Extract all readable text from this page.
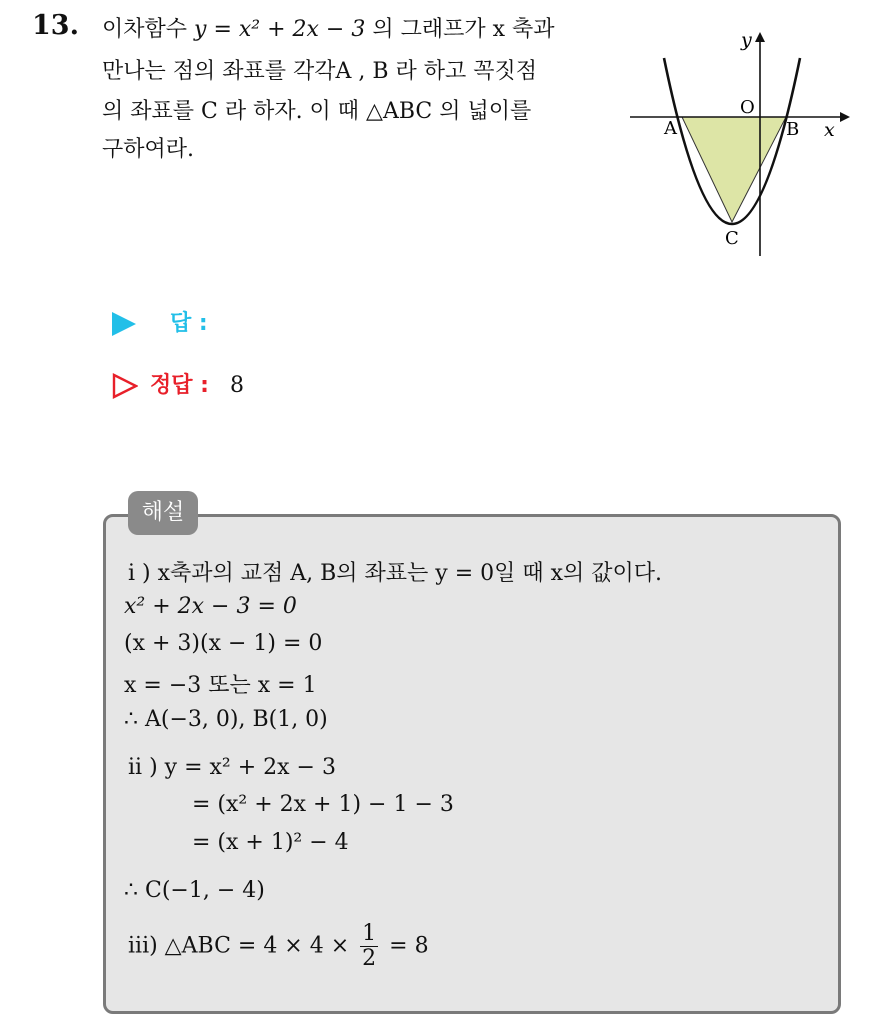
13. 이차함수 y = x² + 2x − 3 의 그래프가 x 축과
만나는 점의 좌표를 각각A , B 라 하고 꼭짓점
의 좌표를 C 라 하자. 이 때 △ABC 의 넓이를
구하여라.
y
x
O
A	B
C
답 :
정답 : 8
해설
i ) x축과의 교점 A, B의 좌표는 y = 0일 때 x의 값이다.
x² + 2x − 3 = 0
(x + 3)(x − 1) = 0
x = −3 또는 x = 1
∴ A(−3, 0), B(1, 0)
ii ) y = x² + 2x − 3
= (x² + 2x + 1) − 1 − 3
= (x + 1)² − 4
∴ C(−1, − 4)
iii) △ABC = $4 \times 4 \times \frac{1}{2} = 8$
